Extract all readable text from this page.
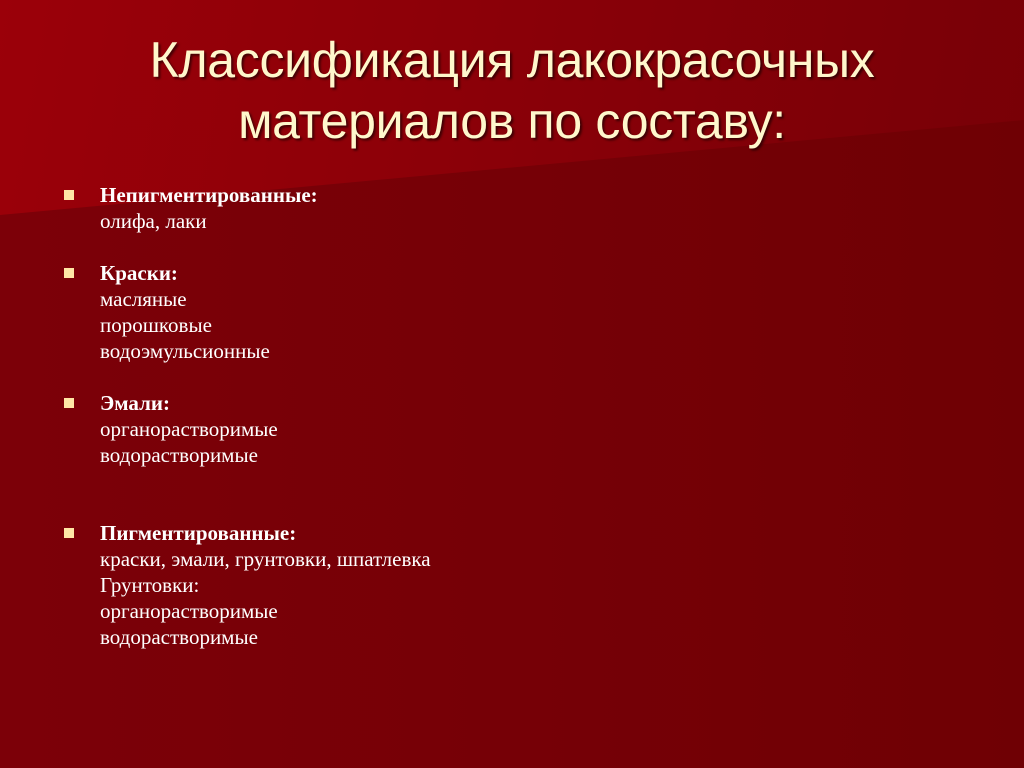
Классификация лакокрасочных
материалов по составу:
Непигментированные:
олифа, лаки
Краски:
масляные
порошковые
водоэмульсионные
Эмали:
органорастворимые
водорастворимые
Пигментированные:
краски, эмали, грунтовки, шпатлевка
Грунтовки:
органорастворимые
водорастворимые
